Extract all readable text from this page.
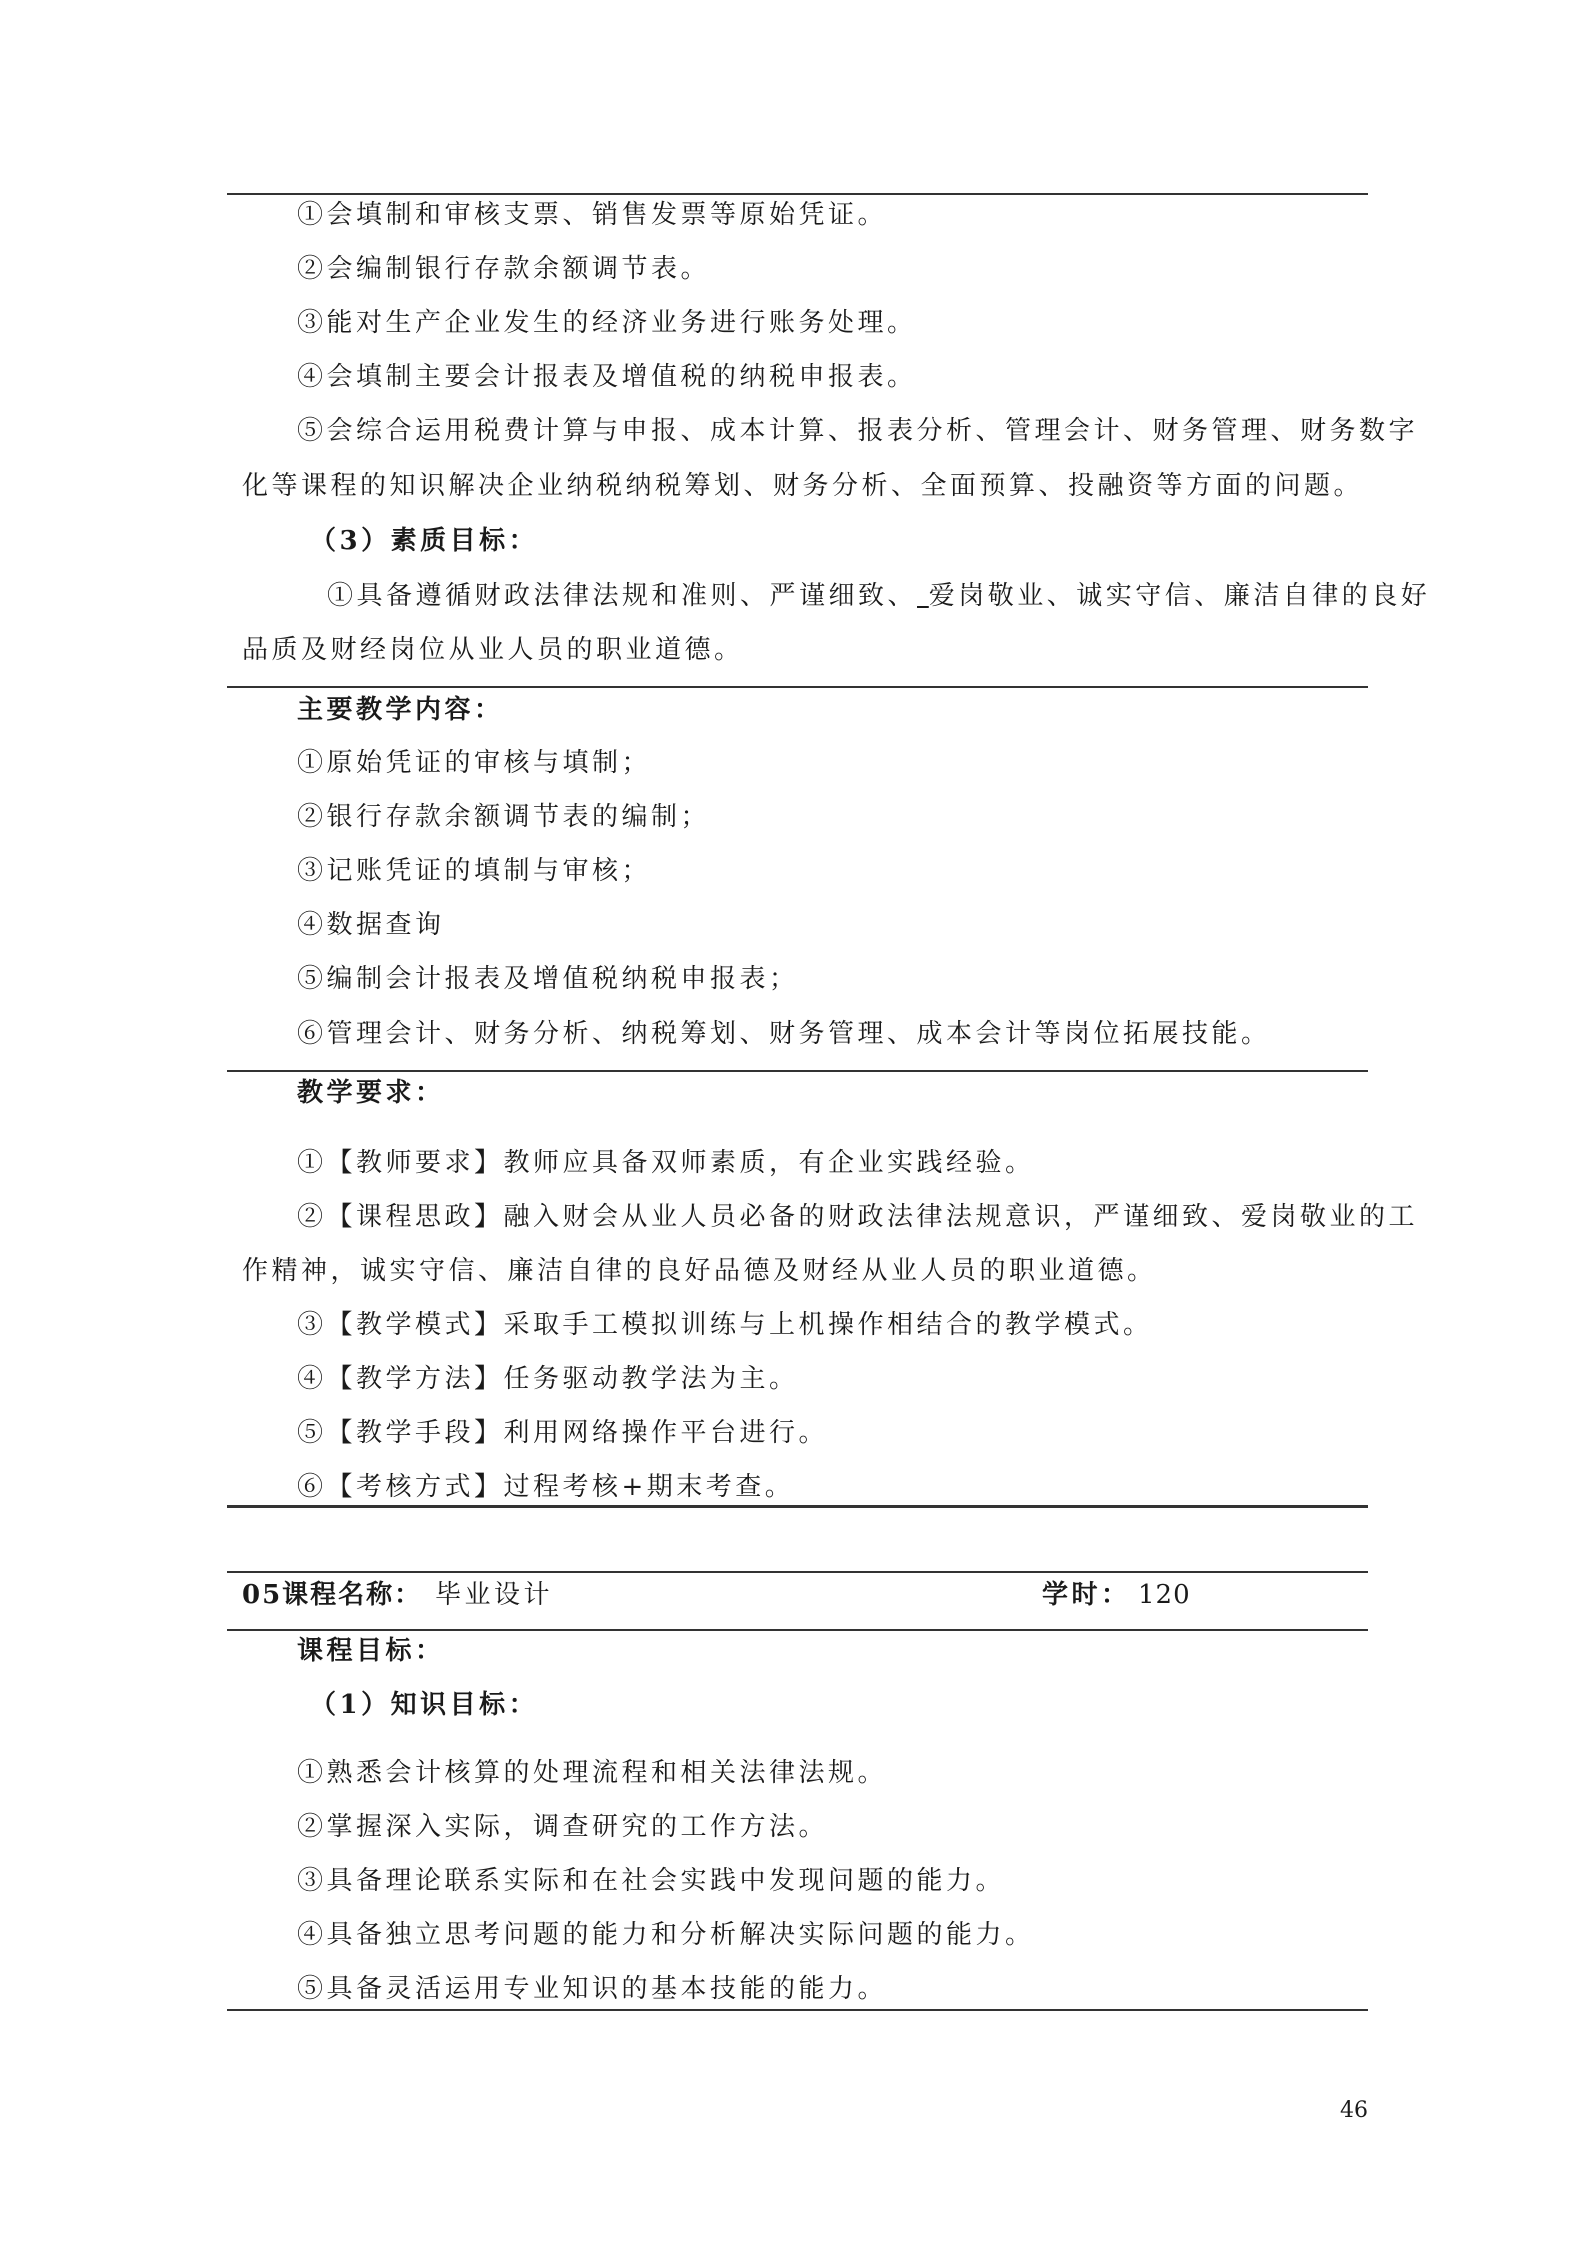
①会填制和审核支票、销售发票等原始凭证。
②会编制银行存款余额调节表。
③能对生产企业发生的经济业务进行账务处理。
④会填制主要会计报表及增值税的纳税申报表。
⑤会综合运用税费计算与申报、成本计算、报表分析、管理会计、财务管理、财务数字
化等课程的知识解决企业纳税纳税筹划、财务分析、全面预算、投融资等方面的问题。
（3）素质目标：
①具备遵循财政法律法规和准则、严谨细致、 爱岗敬业、诚实守信、廉洁自律的良好
品质及财经岗位从业人员的职业道德。
主要教学内容：
①原始凭证的审核与填制；
②银行存款余额调节表的编制；
③记账凭证的填制与审核；
④数据查询
⑤编制会计报表及增值税纳税申报表；
⑥管理会计、财务分析、纳税筹划、财务管理、成本会计等岗位拓展技能。
教学要求：
①【教师要求】教师应具备双师素质，有企业实践经验。
②【课程思政】融入财会从业人员必备的财政法律法规意识，严谨细致、爱岗敬业的工
作精神，诚实守信、廉洁自律的良好品德及财经从业人员的职业道德。
③【教学模式】采取手工模拟训练与上机操作相结合的教学模式。
④【教学方法】任务驱动教学法为主。
⑤【教学手段】利用网络操作平台进行。
⑥【考核方式】过程考核+期末考查。
05课程名称： 毕业设计	学时： 120
课程目标：
（1）知识目标：
①熟悉会计核算的处理流程和相关法律法规。
②掌握深入实际，调查研究的工作方法。
③具备理论联系实际和在社会实践中发现问题的能力。
④具备独立思考问题的能力和分析解决实际问题的能力。
⑤具备灵活运用专业知识的基本技能的能力。
46
